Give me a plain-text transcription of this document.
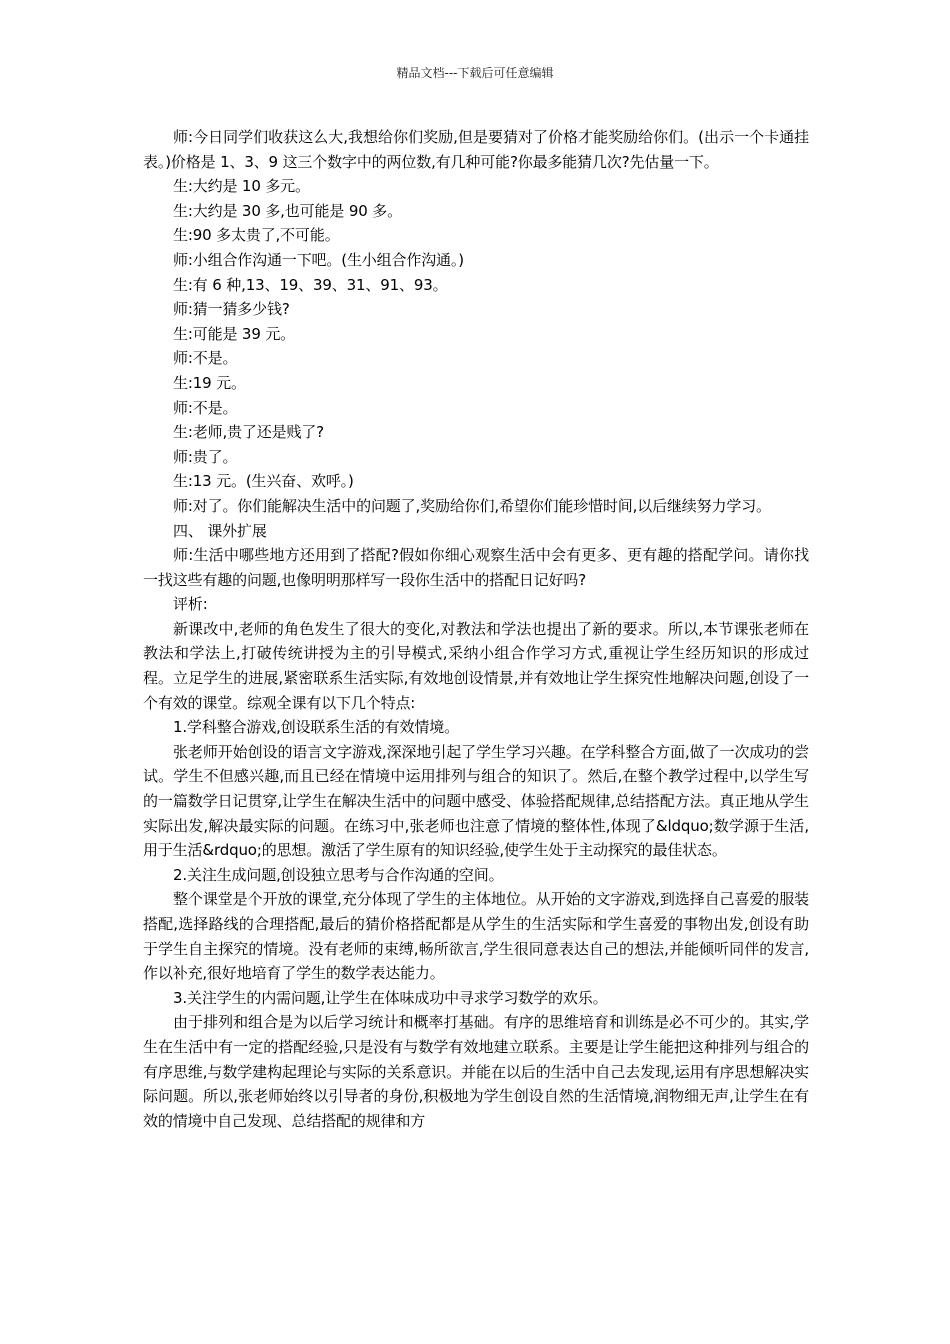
精品文档---下载后可任意编辑

师:今日同学们收获这么大,我想给你们奖励,但是要猜对了价格才能奖励给你们。(出示一个卡通挂表。)价格是 1、3、9 这三个数字中的两位数,有几种可能?你最多能猜几次?先估量一下。

生:大约是 10 多元。

生:大约是 30 多,也可能是 90 多。

生:90 多太贵了,不可能。

师:小组合作沟通一下吧。(生小组合作沟通。)

生:有 6 种,13、19、39、31、91、93。

师:猜一猜多少钱?

生:可能是 39 元。

师:不是。

生:19 元。

师:不是。

生:老师,贵了还是贱了?

师:贵了。

生:13 元。(生兴奋、欢呼。)

师:对了。你们能解决生活中的问题了,奖励给你们,希望你们能珍惜时间,以后继续努力学习。

四、 课外扩展

师:生活中哪些地方还用到了搭配?假如你细心观察生活中会有更多、更有趣的搭配学问。请你找一找这些有趣的问题,也像明明那样写一段你生活中的搭配日记好吗?

评析:

新课改中,老师的角色发生了很大的变化,对教法和学法也提出了新的要求。所以,本节课张老师在教法和学法上,打破传统讲授为主的引导模式,采纳小组合作学习方式,重视让学生经历知识的形成过程。立足学生的进展,紧密联系生活实际,有效地创设情景,并有效地让学生探究性地解决问题,创设了一个有效的课堂。综观全课有以下几个特点:

1.学科整合游戏,创设联系生活的有效情境。

张老师开始创设的语言文字游戏,深深地引起了学生学习兴趣。在学科整合方面,做了一次成功的尝试。学生不但感兴趣,而且已经在情境中运用排列与组合的知识了。然后,在整个教学过程中,以学生写的一篇数学日记贯穿,让学生在解决生活中的问题中感受、体验搭配规律,总结搭配方法。真正地从学生实际出发,解决最实际的问题。在练习中,张老师也注意了情境的整体性,体现了&ldquo;数学源于生活,用于生活&rdquo;的思想。激活了学生原有的知识经验,使学生处于主动探究的最佳状态。

2.关注生成问题,创设独立思考与合作沟通的空间。

整个课堂是个开放的课堂,充分体现了学生的主体地位。从开始的文字游戏,到选择自己喜爱的服装搭配,选择路线的合理搭配,最后的猜价格搭配都是从学生的生活实际和学生喜爱的事物出发,创设有助于学生自主探究的情境。没有老师的束缚,畅所欲言,学生很同意表达自己的想法,并能倾听同伴的发言,作以补充,很好地培育了学生的数学表达能力。

3.关注学生的内需问题,让学生在体味成功中寻求学习数学的欢乐。

由于排列和组合是为以后学习统计和概率打基础。有序的思维培育和训练是必不可少的。其实,学生在生活中有一定的搭配经验,只是没有与数学有效地建立联系。主要是让学生能把这种排列与组合的有序思维,与数学建构起理论与实际的关系意识。并能在以后的生活中自己去发现,运用有序思想解决实际问题。所以,张老师始终以引导者的身份,积极地为学生创设自然的生活情境,润物细无声,让学生在有效的情境中自己发现、总结搭配的规律和方
